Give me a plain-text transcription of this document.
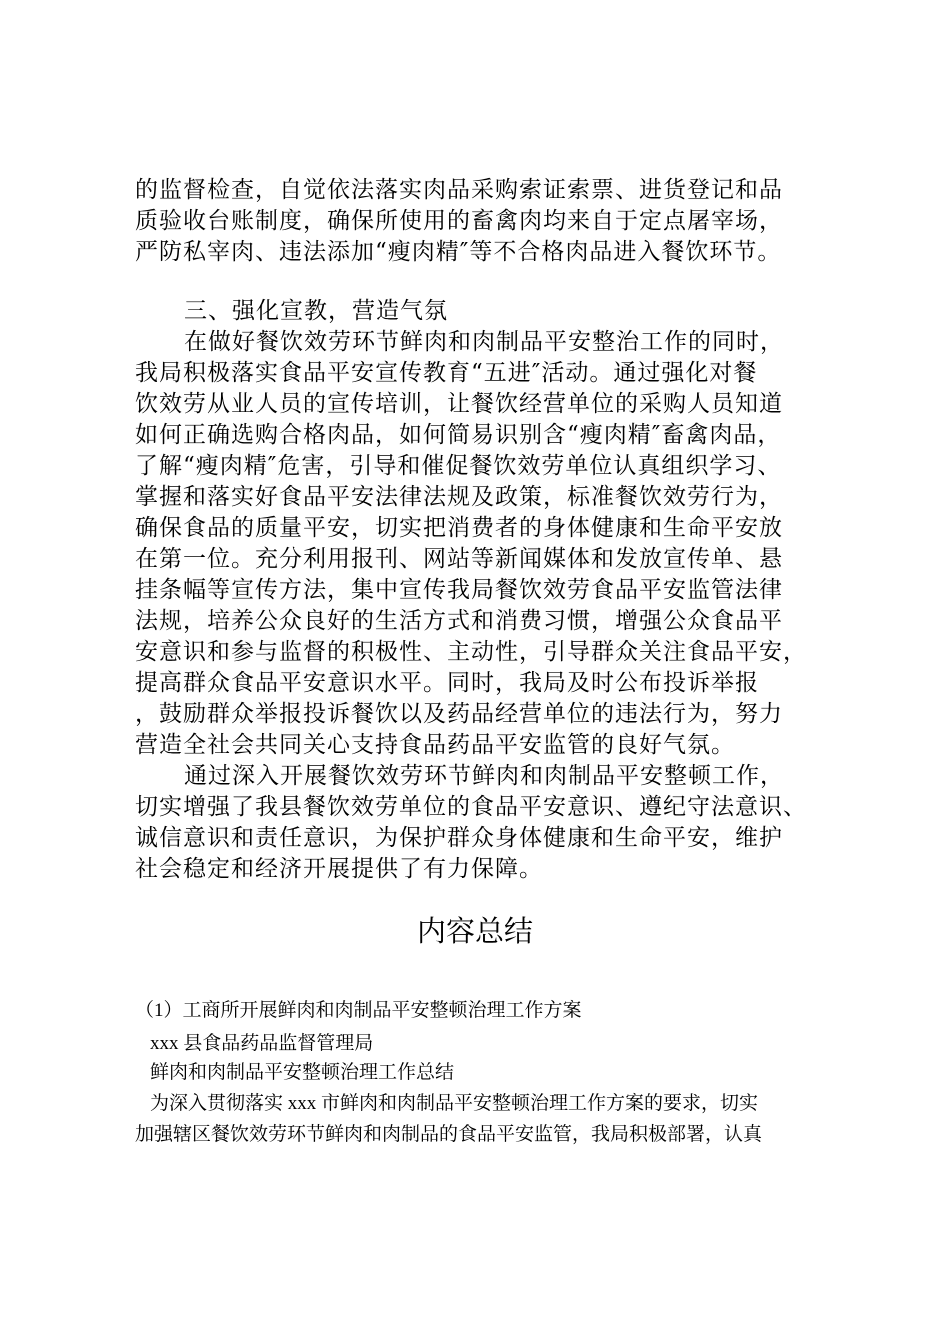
的监督检查，自觉依法落实肉品采购索证索票、进货登记和品
质验收台账制度，确保所使用的畜禽肉均来自于定点屠宰场，
严防私宰肉、违法添加“瘦肉精″等不合格肉品进入餐饮环节。
三、强化宣教，营造气氛
在做好餐饮效劳环节鲜肉和肉制品平安整治工作的同时，
我局积极落实食品平安宣传教育“五进″活动。通过强化对餐
饮效劳从业人员的宣传培训，让餐饮经营单位的采购人员知道
如何正确选购合格肉品，如何简易识别含“瘦肉精″畜禽肉品，
了解“瘦肉精″危害，引导和催促餐饮效劳单位认真组织学习、
掌握和落实好食品平安法律法规及政策，标准餐饮效劳行为，
确保食品的质量平安，切实把消费者的身体健康和生命平安放
在第一位。充分利用报刊、网站等新闻媒体和发放宣传单、悬
挂条幅等宣传方法，集中宣传我局餐饮效劳食品平安监管法律
法规，培养公众良好的生活方式和消费习惯，增强公众食品平
安意识和参与监督的积极性、主动性，引导群众关注食品平安，
提高群众食品平安意识水平。同时，我局及时公布投诉举报
，鼓励群众举报投诉餐饮以及药品经营单位的违法行为，努力
营造全社会共同关心支持食品药品平安监管的良好气氛。
通过深入开展餐饮效劳环节鲜肉和肉制品平安整顿工作，
切实增强了我县餐饮效劳单位的食品平安意识、遵纪守法意识、
诚信意识和责任意识，为保护群众身体健康和生命平安，维护
社会稳定和经济开展提供了有力保障。
内容总结
（1）工商所开展鲜肉和肉制品平安整顿治理工作方案
xxx 县食品药品监督管理局
鲜肉和肉制品平安整顿治理工作总结
为深入贯彻落实 xxx 市鲜肉和肉制品平安整顿治理工作方案的要求，切实
加强辖区餐饮效劳环节鲜肉和肉制品的食品平安监管，我局积极部署，认真
